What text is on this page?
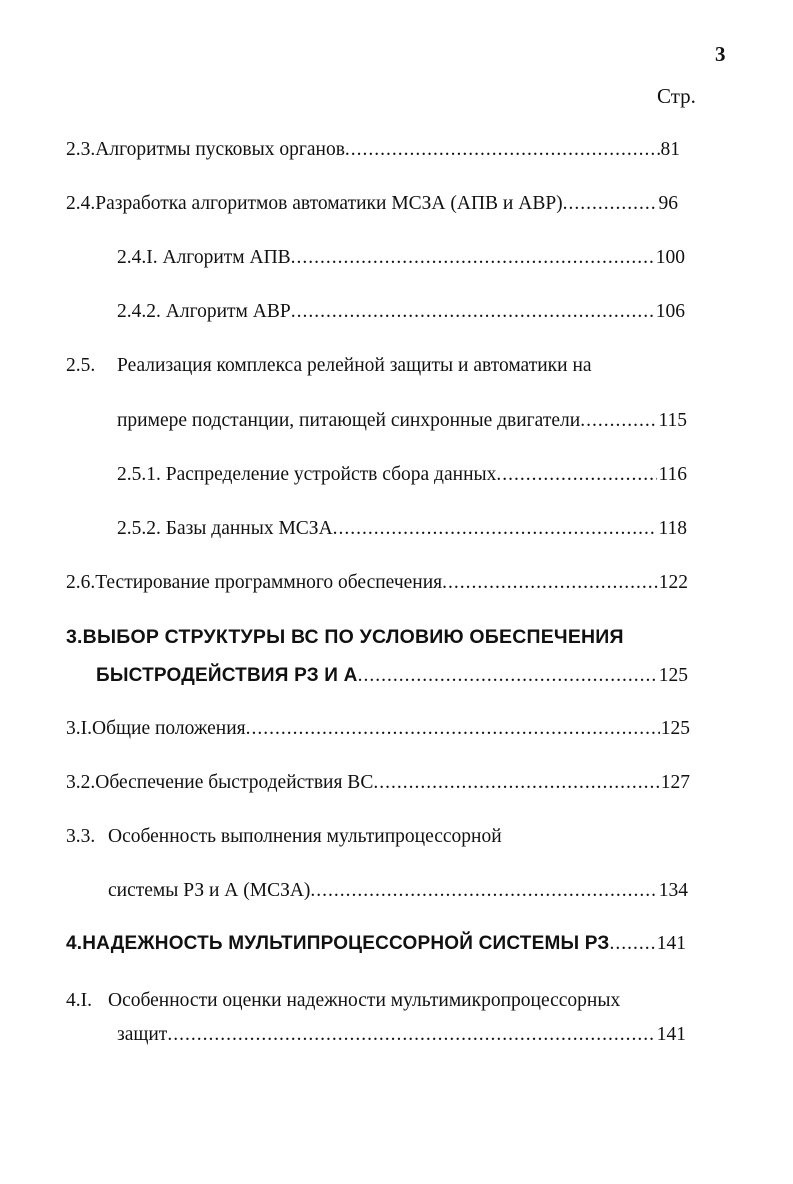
3
Стр.
2.3. Алгоритмы пусковых органов .....	81
2.4. Разработка алгоритмов автоматики МСЗА (АПВ и АВР) .....	96
2.4.I. Алгоритм АПВ .....	100
2.4.2. Алгоритм АВР .....	106
2.5. Реализация комплекса релейной защиты и автоматики на
примере подстанции, питающей синхронные двигатели .....	115
2.5.1. Распределение устройств сбора данных .....	116
2.5.2. Базы данных МСЗА .....	118
2.6. Тестирование программного обеспечения .....	122
3.ВЫБОР СТРУКТУРЫ ВС ПО УСЛОВИЮ ОБЕСПЕЧЕНИЯ
БЫСТРОДЕЙСТВИЯ РЗ И А .....	125
3.I. Общие положения .....	125
3.2. Обеспечение быстродействия ВС .....	127
3.3. Особенность выполнения мультипроцессорной
системы РЗ и А (МСЗА) .....	134
4.НАДЕЖНОСТЬ МУЛЬТИПРОЦЕССОРНОЙ СИСТЕМЫ РЗ ..... 141
4.I. Особенности оценки надежности мультимикропроцессорных
защит .....	141
